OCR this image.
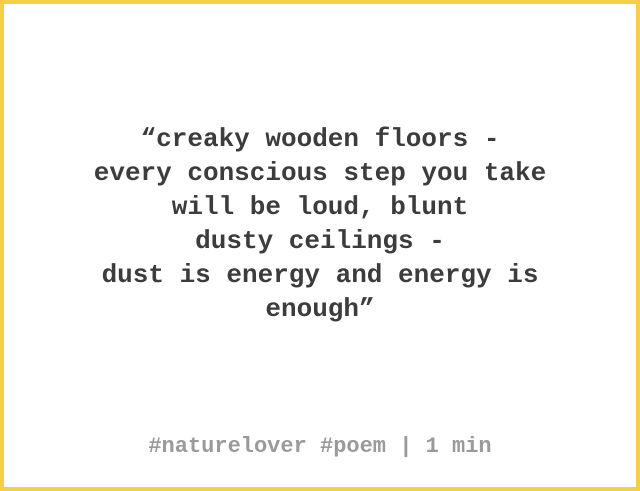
“creaky wooden floors -
every conscious step you take
will be loud, blunt
dusty ceilings -
dust is energy and energy is
enough”
#naturelover #poem | 1 min
